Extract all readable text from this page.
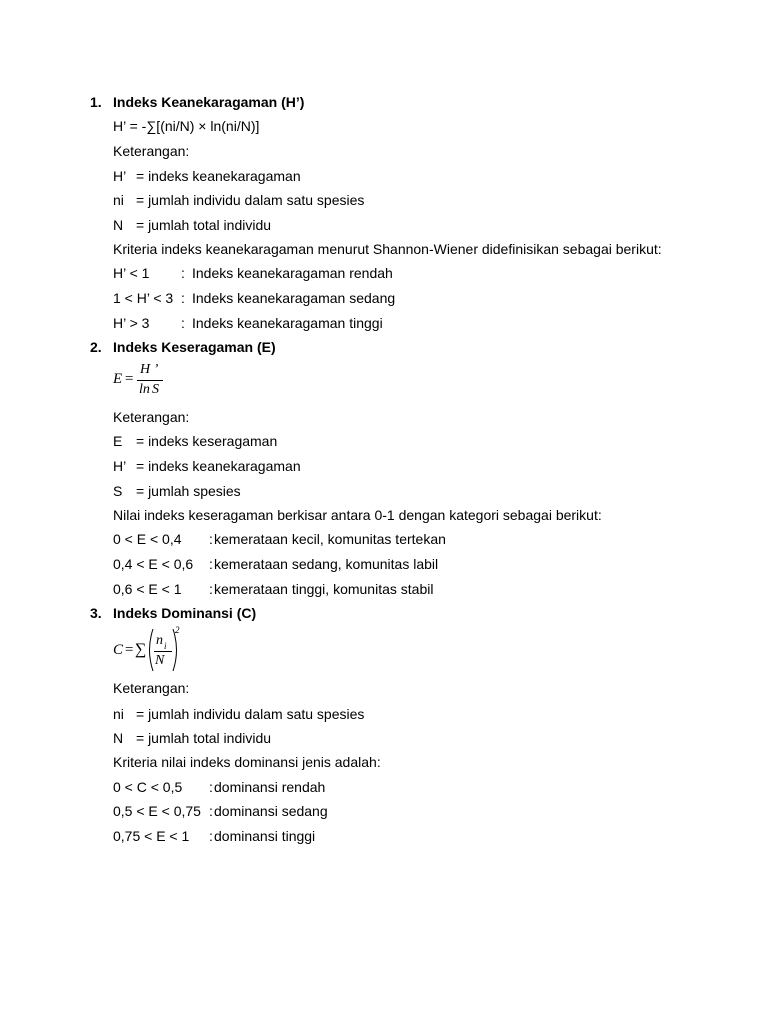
1. Indeks Keanekaragaman (H’)
H’ = -∑[(ni/N) × ln(ni/N)]
Keterangan:
H’ = indeks keanekaragaman
ni = jumlah individu dalam satu spesies
N = jumlah total individu
Kriteria indeks keanekaragaman menurut Shannon-Wiener didefinisikan sebagai berikut:
H’ < 1 : Indeks keanekaragaman rendah
1 < H’ < 3 : Indeks keanekaragaman sedang
H’ > 3 : Indeks keanekaragaman tinggi
2. Indeks Keseragaman (E)
E =
H ’
ln S
Keterangan:
E = indeks keseragaman
H’ = indeks keanekaragaman
S = jumlah spesies
Nilai indeks keseragaman berkisar antara 0-1 dengan kategori sebagai berikut:
0 < E < 0,4 : kemerataan kecil, komunitas tertekan
0,4 < E < 0,6 : kemerataan sedang, komunitas labil
0,6 < E < 1 : kemerataan tinggi, komunitas stabil
3. Indeks Dominansi (C)
C = ∑
n i
N
2
Keterangan:
ni = jumlah individu dalam satu spesies
N = jumlah total individu
Kriteria nilai indeks dominansi jenis adalah:
0 < C < 0,5 : dominansi rendah
0,5 < E < 0,75 : dominansi sedang
0,75 < E < 1 : dominansi tinggi
